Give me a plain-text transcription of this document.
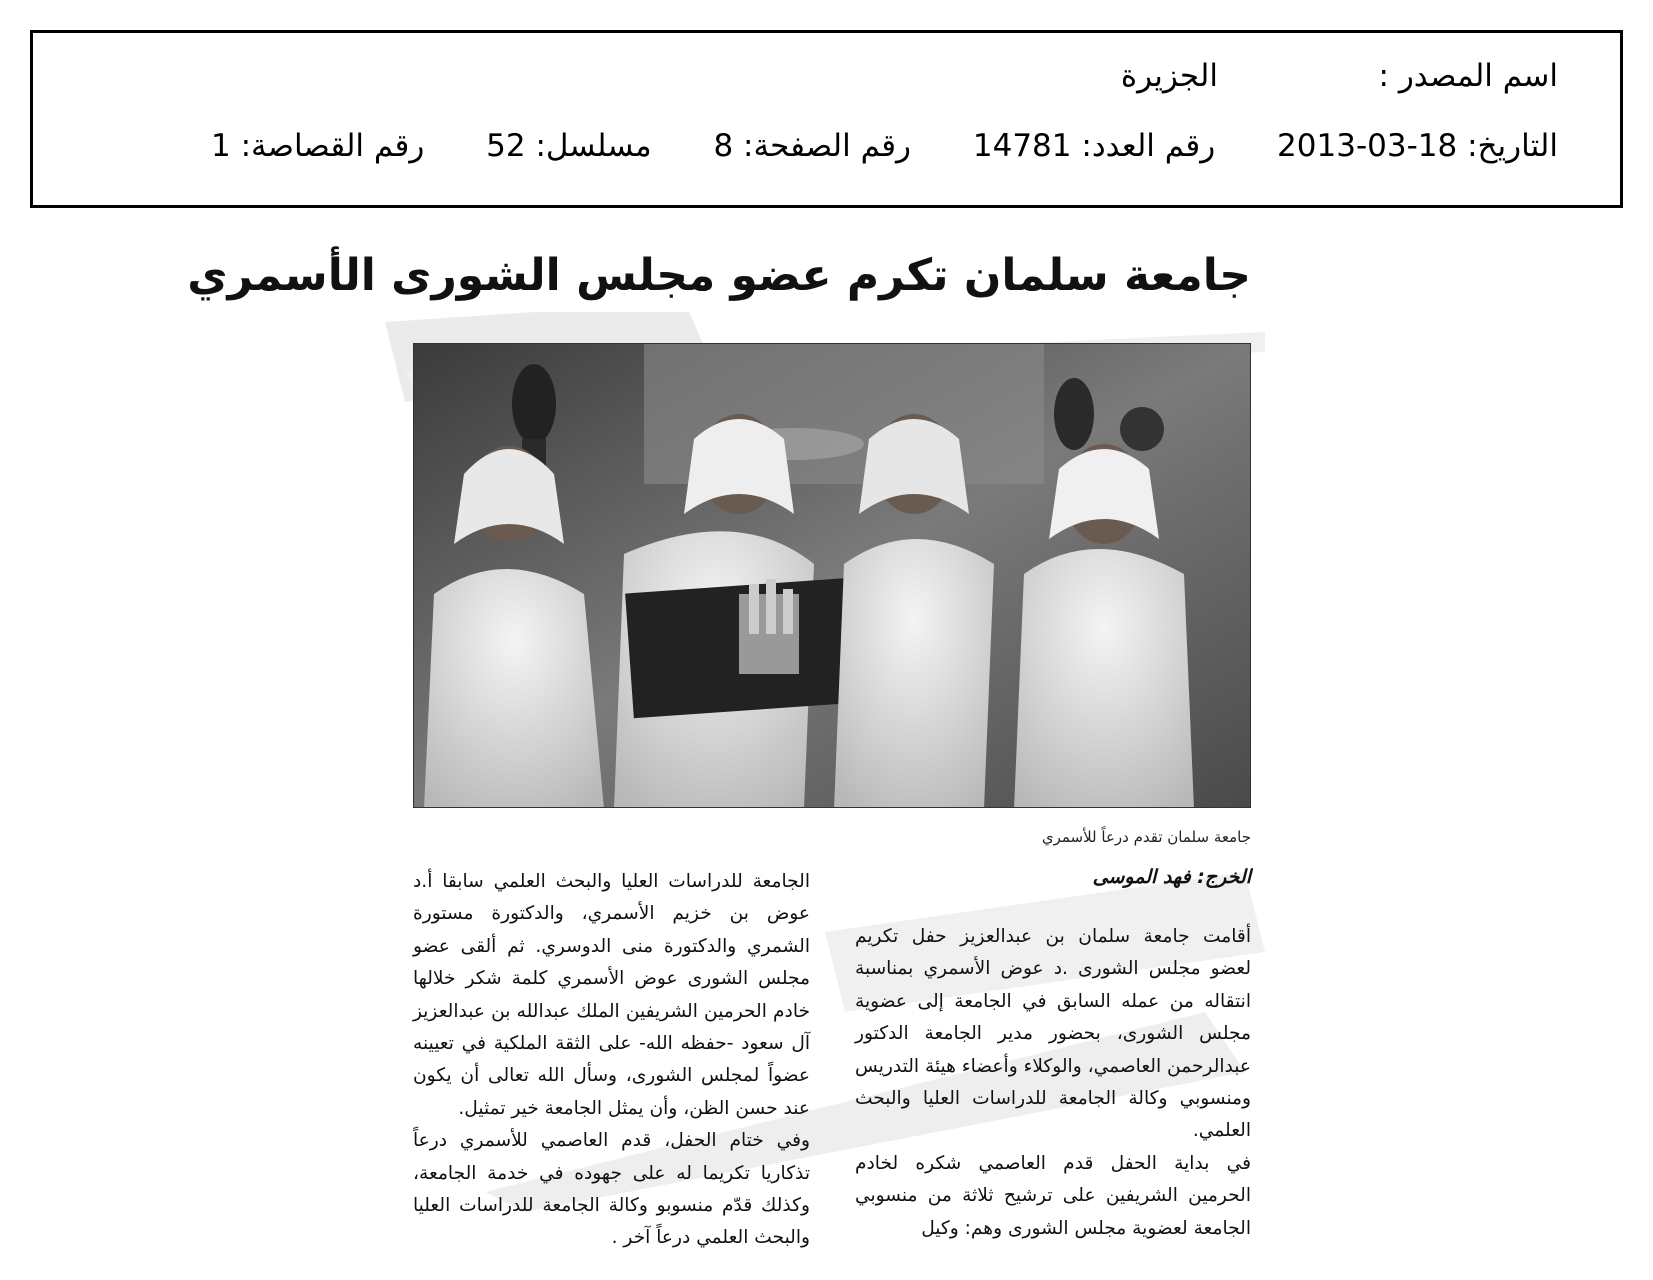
اسم المصدر :الجزيرة
التاريخ: 2013-03-18 رقم العدد: 14781 رقم الصفحة: 8 مسلسل: 52 رقم القصاصة: 1
جامعة سلمان تكرم عضو مجلس الشورى الأسمري
جامعة سلمان تقدم درعاً للأسمري
الخرج: فهد الموسى

أقامت جامعة سلمان بن عبدالعزيز حفل تكريم لعضو مجلس الشورى .د عوض الأسمري بمناسبة انتقاله من عمله السابق في الجامعة إلى عضوية مجلس الشورى، بحضور مدير الجامعة الدكتور عبدالرحمن العاصمي، والوكلاء وأعضاء هيئة التدريس ومنسوبي وكالة الجامعة للدراسات العليا والبحث العلمي.

في بداية الحفل قدم العاصمي شكره لخادم الحرمين الشريفين على ترشيح ثلاثة من منسوبي الجامعة لعضوية مجلس الشورى وهم: وكيل

الجامعة للدراسات العليا والبحث العلمي سابقا أ.د عوض بن خزيم الأسمري، والدكتورة مستورة الشمري والدكتورة منى الدوسري. ثم ألقى عضو مجلس الشورى عوض الأسمري كلمة شكر خلالها خادم الحرمين الشريفين الملك عبدالله بن عبدالعزيز آل سعود -حفظه الله- على الثقة الملكية في تعيينه عضواً لمجلس الشورى، وسأل الله تعالى أن يكون عند حسن الظن، وأن يمثل الجامعة خير تمثيل.

وفي ختام الحفل، قدم العاصمي للأسمري درعاً تذكاريا تكريما له على جهوده في خدمة الجامعة، وكذلك قدّم منسوبو وكالة الجامعة للدراسات العليا والبحث العلمي درعاً آخر .
